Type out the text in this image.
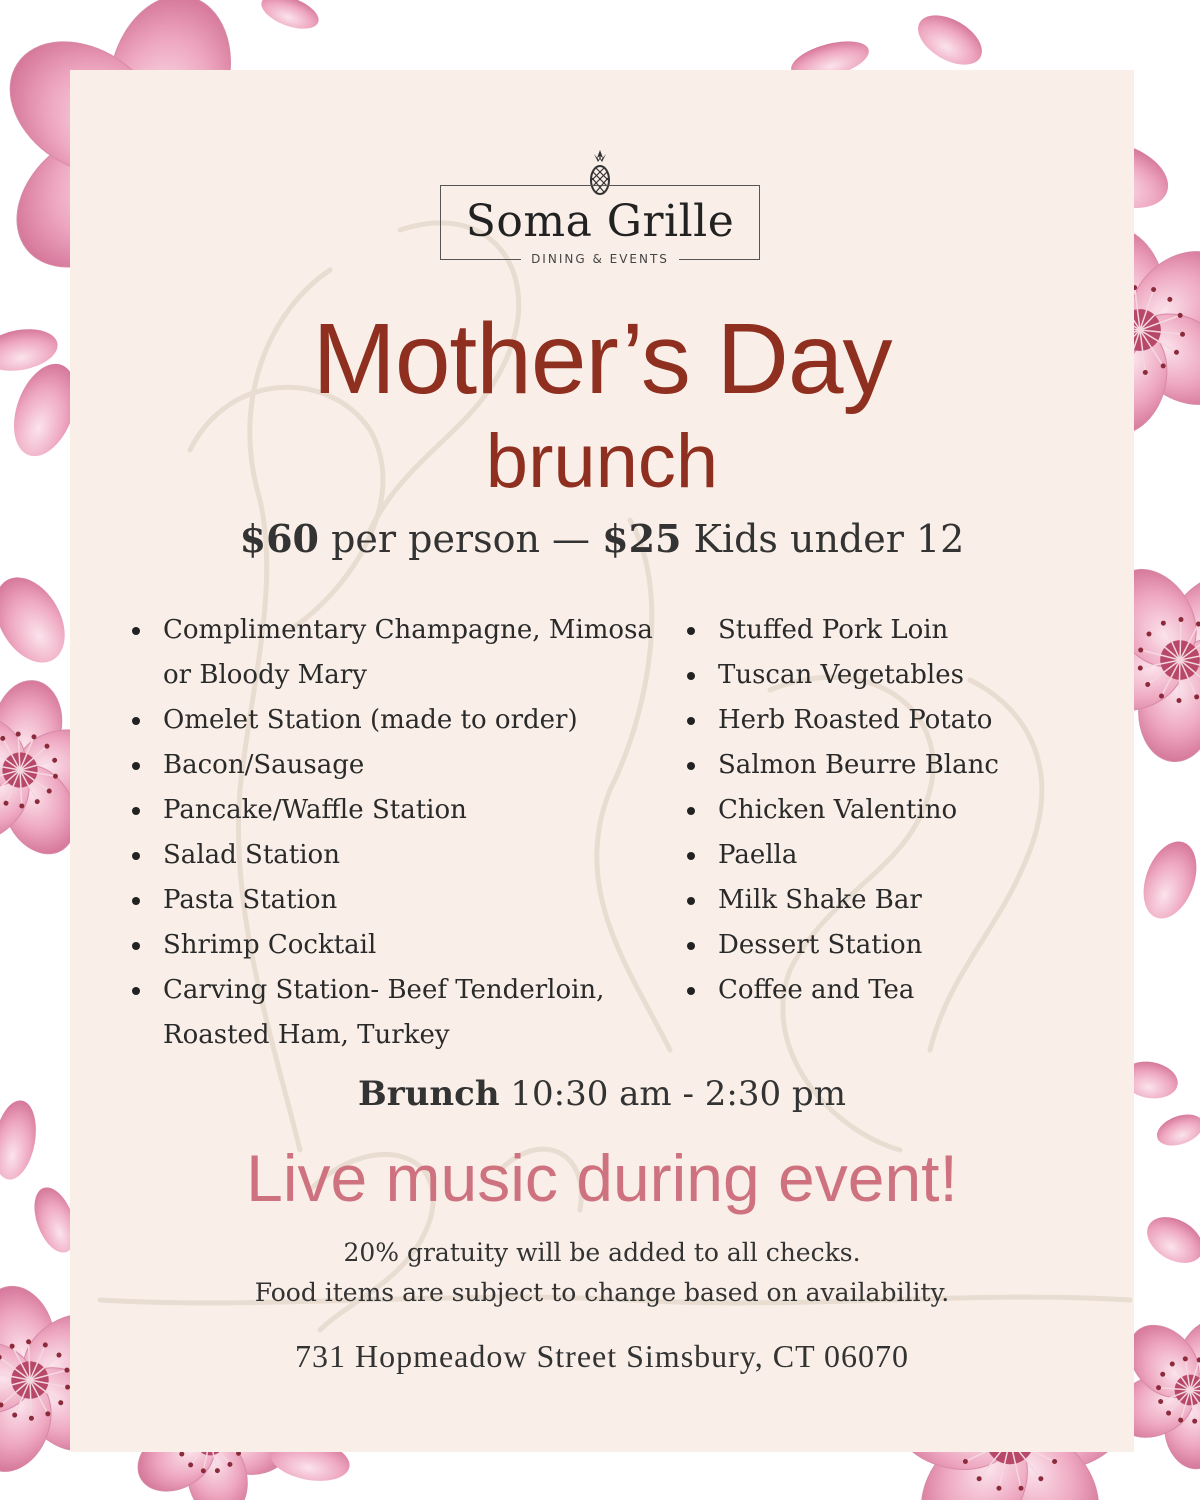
Soma Grille
DINING & EVENTS
Mother’s Day
brunch
$60 per person — $25 Kids under 12
Complimentary Champagne, Mimosa or Bloody Mary
Omelet Station (made to order)
Bacon/Sausage
Pancake/Waffle Station
Salad Station
Pasta Station
Shrimp Cocktail
Carving Station- Beef Tenderloin, Roasted Ham, Turkey
Stuffed Pork Loin
Tuscan Vegetables
Herb Roasted Potato
Salmon Beurre Blanc
Chicken Valentino
Paella
Milk Shake Bar
Dessert Station
Coffee and Tea
Brunch 10:30 am - 2:30 pm
Live music during event!
20% gratuity will be added to all checks.
Food items are subject to change based on availability.
731 Hopmeadow Street Simsbury, CT 06070
